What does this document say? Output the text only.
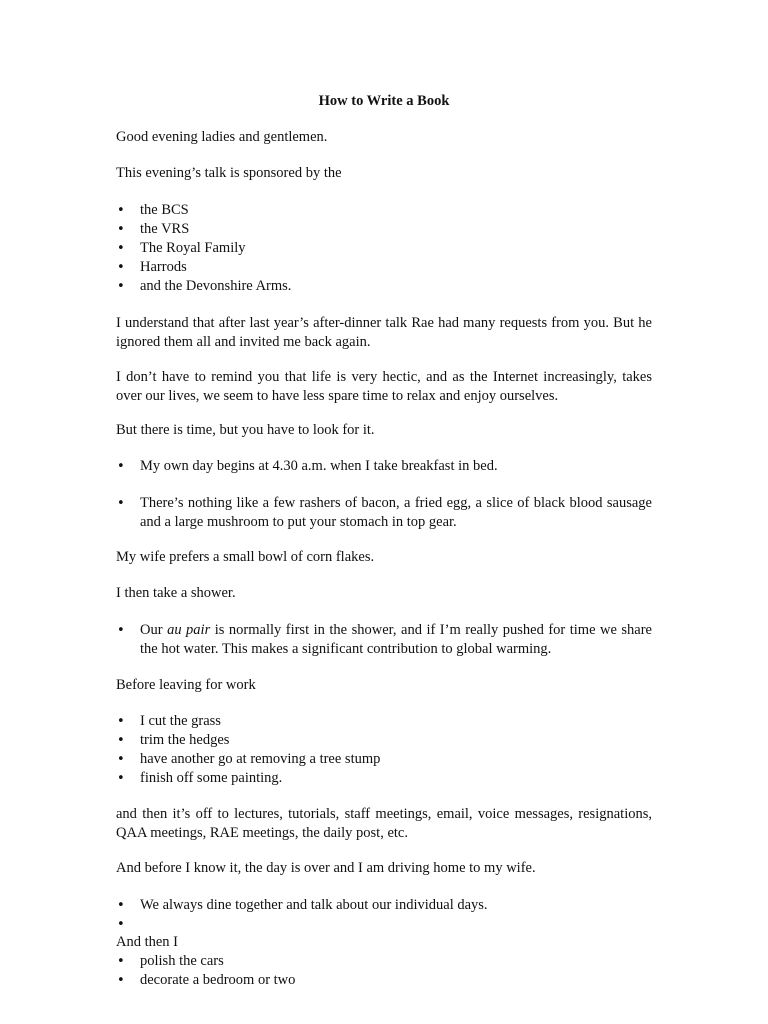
How to Write a Book

Good evening ladies and gentlemen.

This evening’s talk is sponsored by the

• the BCS
• the VRS
• The Royal Family
• Harrods
• and the Devonshire Arms.

I understand that after last year’s after-dinner talk Rae had many requests from you. But he ignored them all and invited me back again.

I don’t have to remind you that life is very hectic, and as the Internet increasingly, takes over our lives, we seem to have less spare time to relax and enjoy ourselves.

But there is time, but you have to look for it.

• My own day begins at 4.30 a.m. when I take breakfast in bed.
• There’s nothing like a few rashers of bacon, a fried egg, a slice of black blood sausage and a large mushroom to put your stomach in top gear.

My wife prefers a small bowl of corn flakes.

I then take a shower.

• Our au pair is normally first in the shower, and if I’m really pushed for time we share the hot water. This makes a significant contribution to global warming.

Before leaving for work

• I cut the grass
• trim the hedges
• have another go at removing a tree stump
• finish off some painting.

and then it’s off to lectures, tutorials, staff meetings, email, voice messages, resignations, QAA meetings, RAE meetings, the daily post, etc.

And before I know it, the day is over and I am driving home to my wife.

• We always dine together and talk about our individual days.
•

And then I

• polish the cars
• decorate a bedroom or two
